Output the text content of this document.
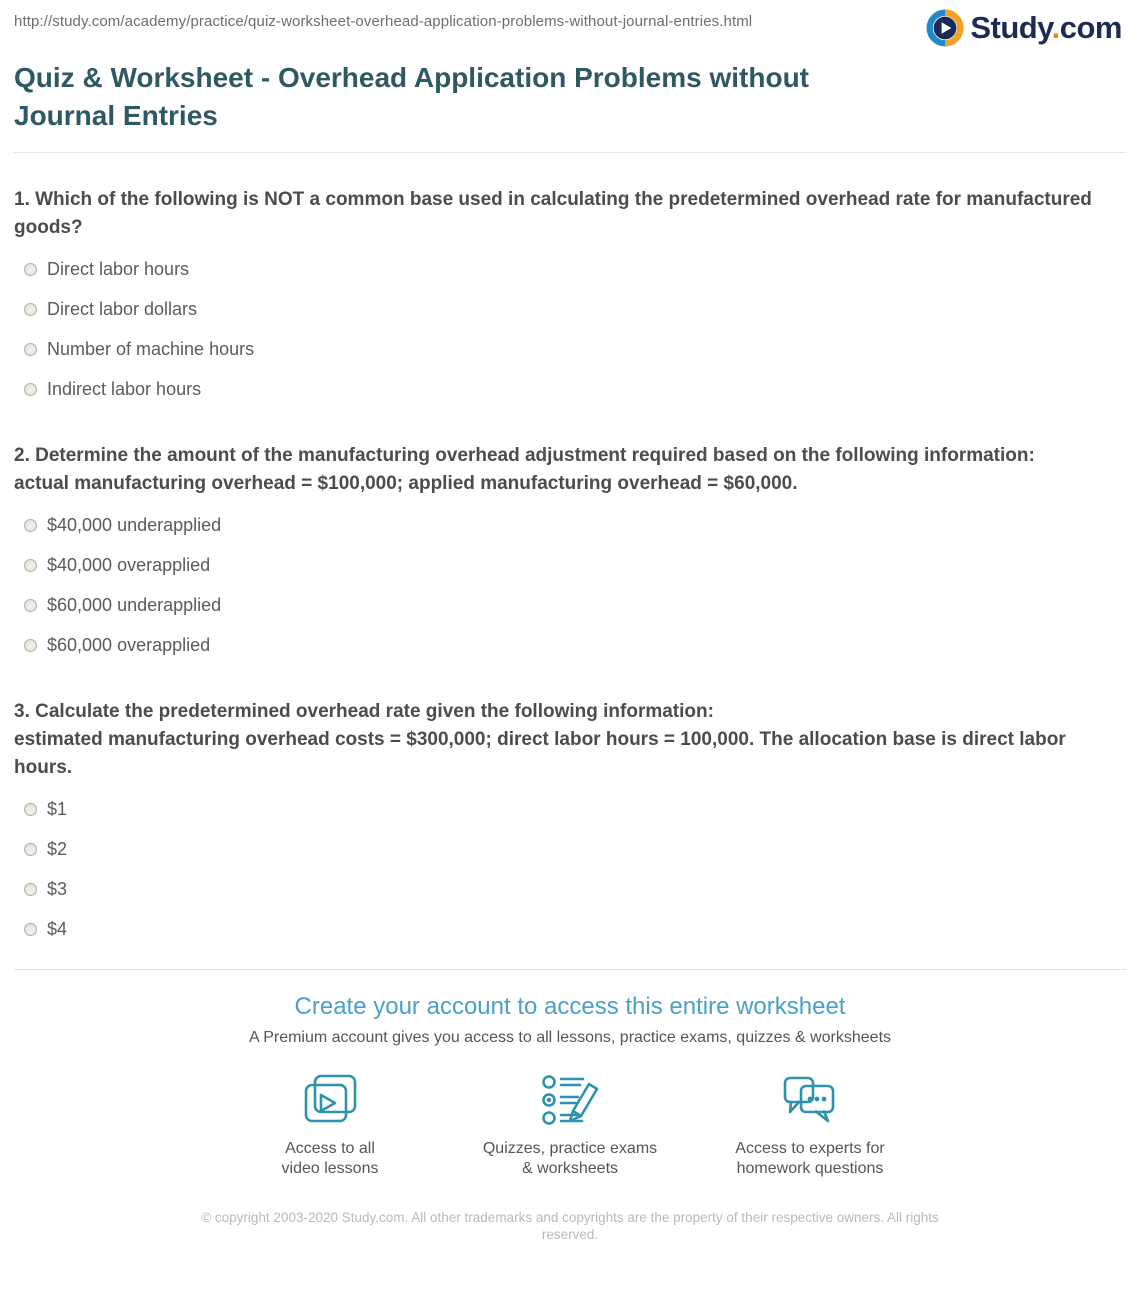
http://study.com/academy/practice/quiz-worksheet-overhead-application-problems-without-journal-entries.html	Study.com
Quiz & Worksheet - Overhead Application Problems without Journal Entries
1. Which of the following is NOT a common base used in calculating the predetermined overhead rate for manufactured goods?
Direct labor hours
Direct labor dollars
Number of machine hours
Indirect labor hours
2. Determine the amount of the manufacturing overhead adjustment required based on the following information:
actual manufacturing overhead = $100,000; applied manufacturing overhead = $60,000.
$40,000 underapplied
$40,000 overapplied
$60,000 underapplied
$60,000 overapplied
3. Calculate the predetermined overhead rate given the following information:
estimated manufacturing overhead costs = $300,000; direct labor hours = 100,000. The allocation base is direct labor hours.
$1
$2
$3
$4
Create your account to access this entire worksheet
A Premium account gives you access to all lessons, practice exams, quizzes & worksheets
Access to all
video lessons
Quizzes, practice exams
& worksheets
Access to experts for
homework questions
© copyright 2003-2020 Study.com. All other trademarks and copyrights are the property of their respective owners. All rights reserved.
